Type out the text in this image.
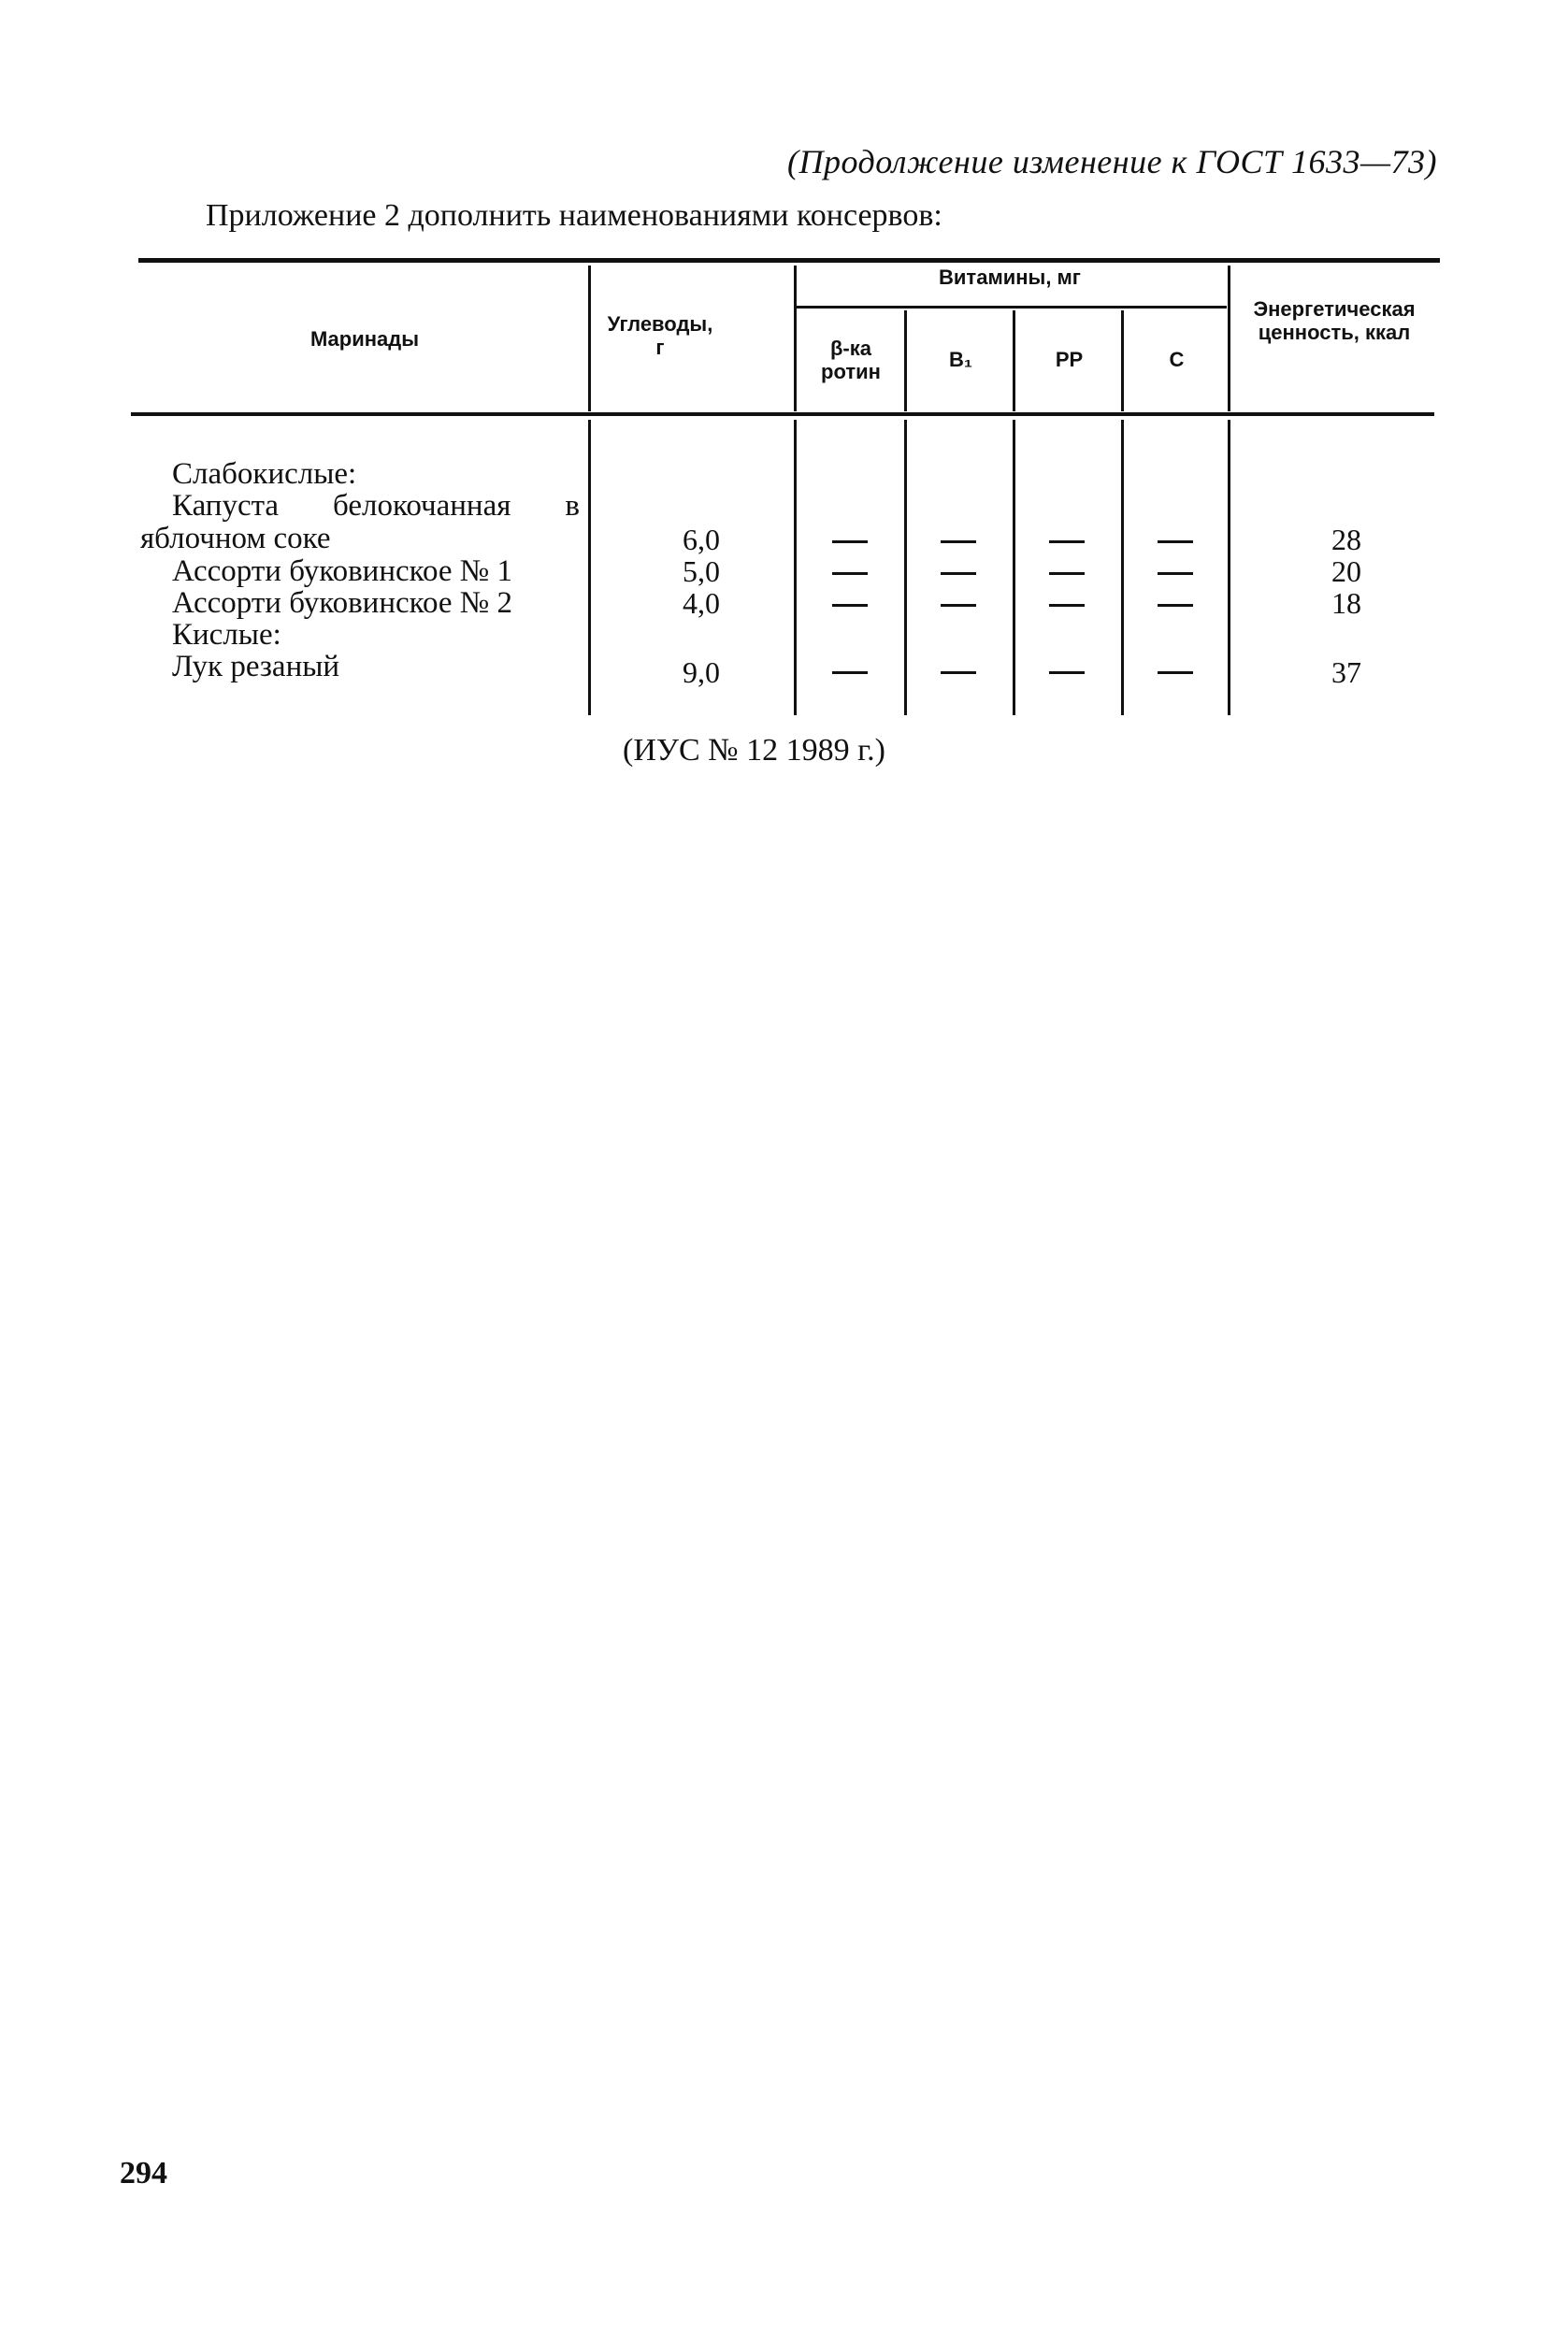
(Продолжение изменение к ГОСТ 1633—73)
Приложение 2 дополнить наименованиями консервов:
Маринады
Углеводы, г
Витамины, мг
β-ка ротин
B₁	PP	C
Энергетическая ценность, ккал
Слабокислые:
Капуста белокочанная в яблочном соке
Ассорти буковинское № 1
Ассорти буковинское № 2
Кислые:
Лук резаный
6,0
5,0
4,0
9,0
28
20
18
37
(ИУС № 12 1989 г.)
294
